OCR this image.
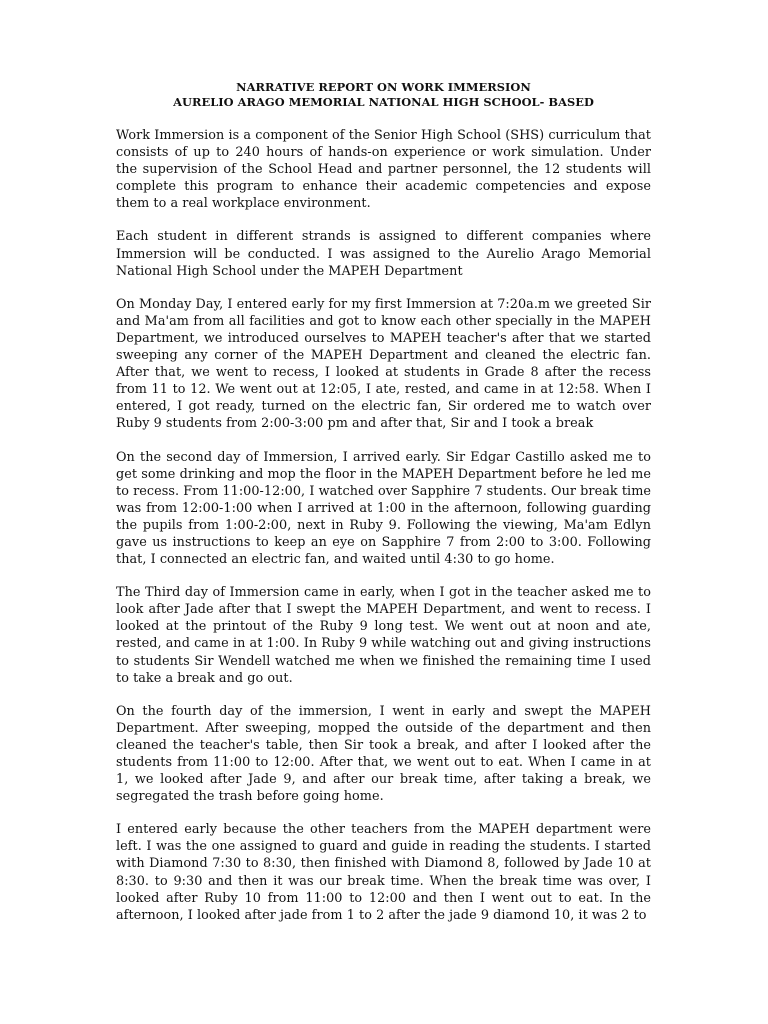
NARRATIVE REPORT ON WORK IMMERSION

AURELIO ARAGO MEMORIAL NATIONAL HIGH SCHOOL- BASED

Work Immersion is a component of the Senior High School (SHS) curriculum that consists of up to 240 hours of hands-on experience or work simulation. Under the supervision of the School Head and partner personnel, the 12 students will complete this program to enhance their academic competencies and expose them to a real workplace environment.

Each student in different strands is assigned to different companies where Immersion will be conducted. I was assigned to the Aurelio Arago Memorial National High School under the MAPEH Department

On Monday Day, I entered early for my first Immersion at 7:20a.m we greeted Sir and Ma'am from all facilities and got to know each other specially in the MAPEH Department, we introduced ourselves to MAPEH teacher's after that we started sweeping any corner of the MAPEH Department and cleaned the electric fan. After that, we went to recess, I looked at students in Grade 8 after the recess from 11 to 12. We went out at 12:05, I ate, rested, and came in at 12:58. When I entered, I got ready, turned on the electric fan, Sir ordered me to watch over Ruby 9 students from 2:00-3:00 pm and after that, Sir and I took a break

On the second day of Immersion, I arrived early. Sir Edgar Castillo asked me to get some drinking and mop the floor in the MAPEH Department before he led me to recess. From 11:00-12:00, I watched over Sapphire 7 students. Our break time was from 12:00-1:00 when I arrived at 1:00 in the afternoon, following guarding the pupils from 1:00-2:00, next in Ruby 9. Following the viewing, Ma'am Edlyn gave us instructions to keep an eye on Sapphire 7 from 2:00 to 3:00. Following that, I connected an electric fan, and waited until 4:30 to go home.

The Third day of Immersion came in early, when I got in the teacher asked me to look after Jade after that I swept the MAPEH Department, and went to recess. I looked at the printout of the Ruby 9 long test. We went out at noon and ate, rested, and came in at 1:00. In Ruby 9 while watching out and giving instructions to students Sir Wendell watched me when we finished the remaining time I used to take a break and go out.

On the fourth day of the immersion, I went in early and swept the MAPEH Department. After sweeping, mopped the outside of the department and then cleaned the teacher's table, then Sir took a break, and after I looked after the students from 11:00 to 12:00. After that, we went out to eat. When I came in at 1, we looked after Jade 9, and after our break time, after taking a break, we segregated the trash before going home.

I entered early because the other teachers from the MAPEH department were left. I was the one assigned to guard and guide in reading the students. I started with Diamond 7:30 to 8:30, then finished with Diamond 8, followed by Jade 10 at 8:30. to 9:30 and then it was our break time. When the break time was over, I looked after Ruby 10 from 11:00 to 12:00 and then I went out to eat. In the afternoon, I looked after jade from 1 to 2 after the jade 9 diamond 10, it was 2 to
